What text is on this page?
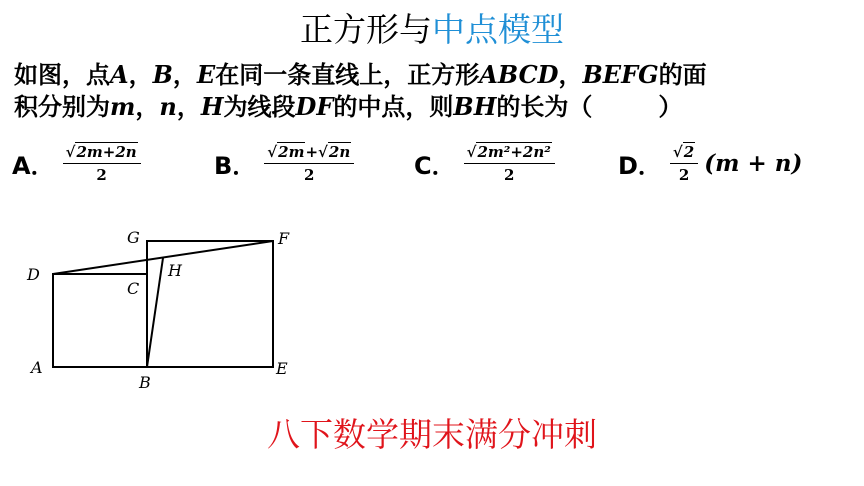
正方形与中点模型
如图，点A，B，E在同一条直线上，正方形ABCD，BEFG的面
积分别为m，n，H为线段DF的中点，则BH的长为（	）
A． $\frac{√2m+2n}{2}$	B． $\frac{√2m+√2n}{2}$ C． $\frac{\text{√2m²+2n²}}{2}$	D． $\frac{√2}{2} (m + n)$
D
A
B
C
G	F
H
E
八下数学期末满分冲刺
